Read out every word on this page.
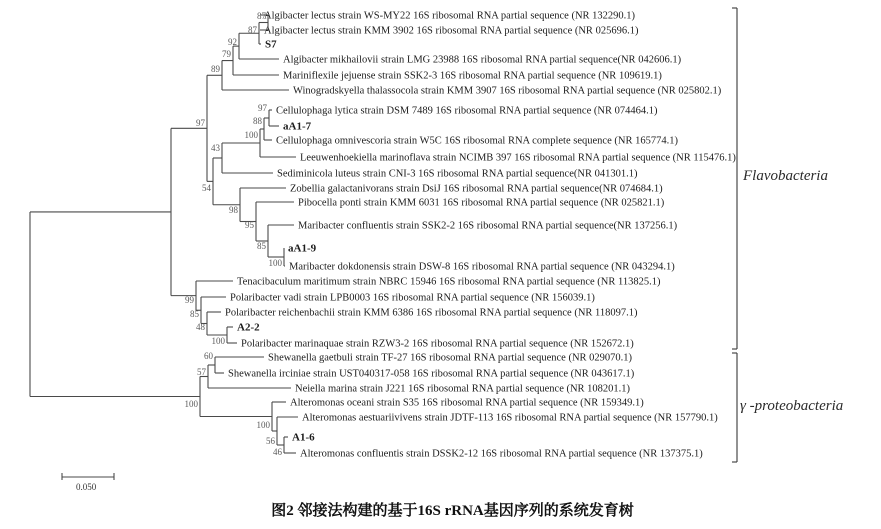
Algibacter lectus strain WS-MY22 16S ribosomal RNA partial sequence (NR 132290.1)
Algibacter lectus strain KMM 3902 16S ribosomal RNA partial sequence (NR 025696.1)
87
S7
87
Algibacter mikhailovii strain LMG 23988 16S ribosomal RNA partial sequence(NR 042606.1)
92
Mariniflexile jejuense strain SSK2-3 16S ribosomal RNA partial sequence (NR 109619.1)
79
Winogradskyella thalassocola strain KMM 3907 16S ribosomal RNA partial sequence (NR 025802.1)
89
Cellulophaga lytica strain DSM 7489 16S ribosomal RNA partial sequence (NR 074464.1)
aA1-7
97
Cellulophaga omnivescoria strain W5C 16S ribosomal RNA complete sequence (NR 165774.1)
88
Leeuwenhoekiella marinoflava strain NCIMB 397 16S ribosomal RNA partial sequence (NR 115476.1)
100
Sediminicola luteus strain CNI-3 16S ribosomal RNA partial sequence(NR 041301.1)
43
Zobellia galactanivorans strain DsiJ 16S ribosomal RNA partial sequence(NR 074684.1)
Pibocella ponti strain KMM 6031 16S ribosomal RNA partial sequence (NR 025821.1)
Maribacter confluentis strain SSK2-2 16S ribosomal RNA partial sequence(NR 137256.1)
aA1-9
Maribacter dokdonensis strain DSW-8 16S ribosomal RNA partial sequence (NR 043294.1)
100
85
95
98
54
97
Tenacibaculum maritimum strain NBRC 15946 16S ribosomal RNA partial sequence (NR 113825.1)
Polaribacter vadi strain LPB0003 16S ribosomal RNA partial sequence (NR 156039.1)
Polaribacter reichenbachii strain KMM 6386 16S ribosomal RNA partial sequence (NR 118097.1)
A2-2
Polaribacter marinaquae strain RZW3-2 16S ribosomal RNA partial sequence (NR 152672.1)
100
48
85
99
Shewanella gaetbuli strain TF-27 16S ribosomal RNA partial sequence (NR 029070.1)
Shewanella irciniae strain UST040317-058 16S ribosomal RNA partial sequence (NR 043617.1)
60
Neiella marina strain J221 16S ribosomal RNA partial sequence (NR 108201.1)
57
Alteromonas oceani strain S35 16S ribosomal RNA partial sequence (NR 159349.1)
Alteromonas aestuariivivens strain JDTF-113 16S ribosomal RNA partial sequence (NR 157790.1)
A1-6
Alteromonas confluentis strain DSSK2-12 16S ribosomal RNA partial sequence (NR 137375.1)
46
56
100
100
Flavobacteria
γ -proteobacteria
0.050
图2 邻接法构建的基于16S rRNA基因序列的系统发育树
